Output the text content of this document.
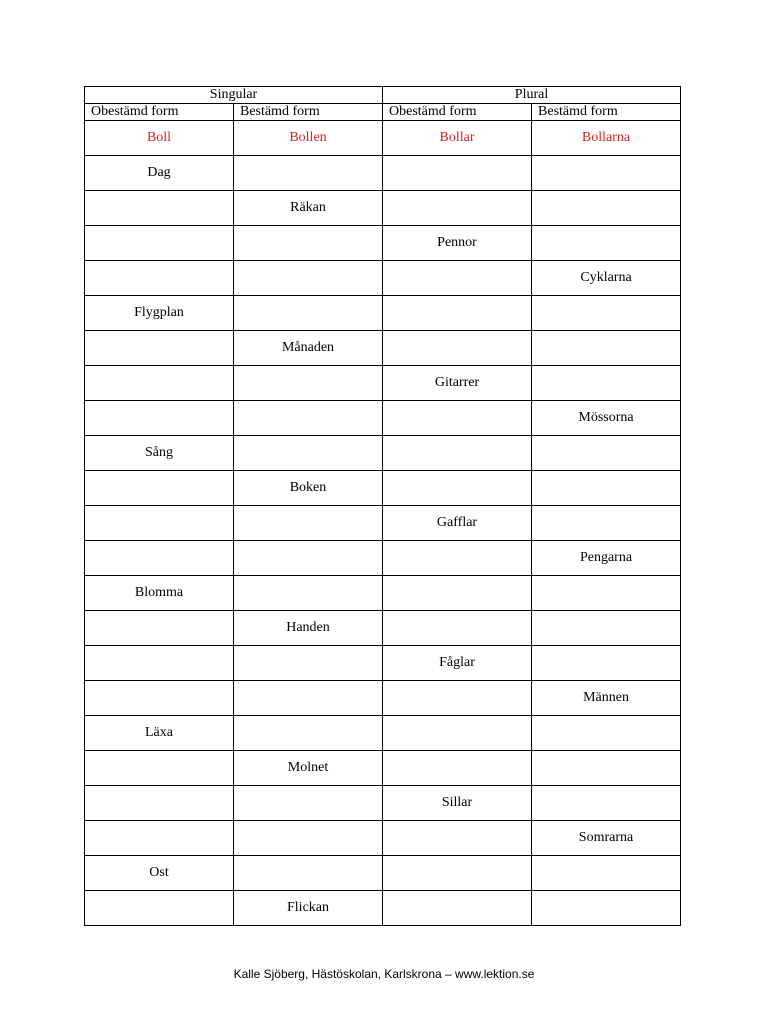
Singular		Plural	
Obestämd form	Bestämd form	Obestämd form	Bestämd form
Boll	Bollen	Bollar	Bollarna
Dag			
	Räkan		
		Pennor	
			Cyklarna
Flygplan			
	Månaden		
		Gitarrer	
			Mössorna
Sång			
	Boken		
		Gafflar	
			Pengarna
Blomma			
	Handen		
		Fåglar	
			Männen
Läxa			
	Molnet		
		Sillar	
			Somrarna
Ost			
	Flickan		
Kalle Sjöberg, Hästöskolan, Karlskrona – www.lektion.se
